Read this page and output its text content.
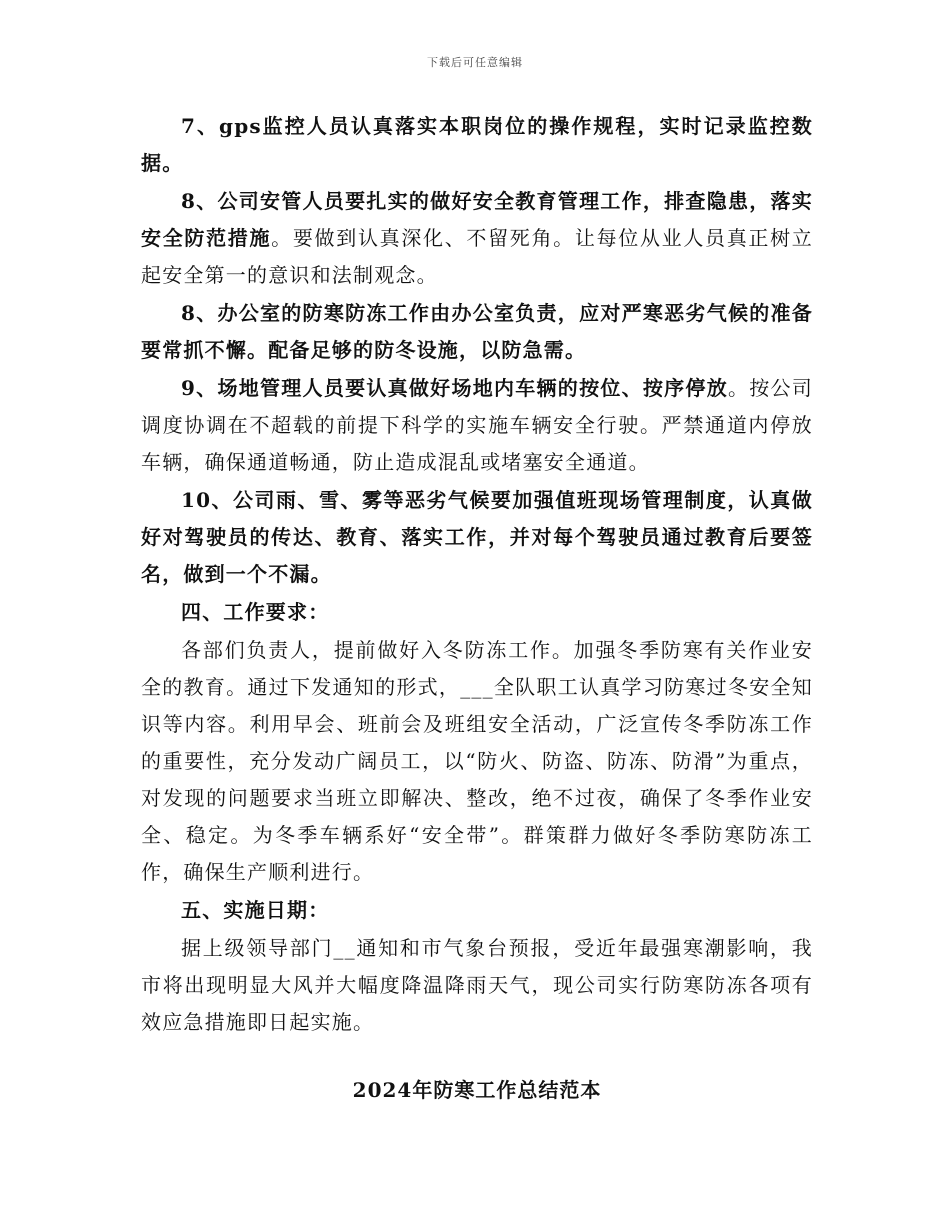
下载后可任意编辑

7、gps监控人员认真落实本职岗位的操作规程，实时记录监控数据。

8、公司安管人员要扎实的做好安全教育管理工作，排查隐患，落实安全防范措施。要做到认真深化、不留死角。让每位从业人员真正树立起安全第一的意识和法制观念。

8、办公室的防寒防冻工作由办公室负责，应对严寒恶劣气候的准备要常抓不懈。配备足够的防冬设施，以防急需。

9、场地管理人员要认真做好场地内车辆的按位、按序停放。按公司调度协调在不超载的前提下科学的实施车辆安全行驶。严禁通道内停放车辆，确保通道畅通，防止造成混乱或堵塞安全通道。

10、公司雨、雪、雾等恶劣气候要加强值班现场管理制度，认真做好对驾驶员的传达、教育、落实工作，并对每个驾驶员通过教育后要签名，做到一个不漏。

四、工作要求：

各部们负责人，提前做好入冬防冻工作。加强冬季防寒有关作业安全的教育。通过下发通知的形式，___全队职工认真学习防寒过冬安全知识等内容。利用早会、班前会及班组安全活动，广泛宣传冬季防冻工作的重要性，充分发动广阔员工，以“防火、防盗、防冻、防滑”为重点，对发现的问题要求当班立即解决、整改，绝不过夜，确保了冬季作业安全、稳定。为冬季车辆系好“安全带”。群策群力做好冬季防寒防冻工作，确保生产顺利进行。

五、实施日期：

据上级领导部门__通知和市气象台预报，受近年最强寒潮影响，我市将出现明显大风并大幅度降温降雨天气，现公司实行防寒防冻各项有效应急措施即日起实施。

2024年防寒工作总结范本
